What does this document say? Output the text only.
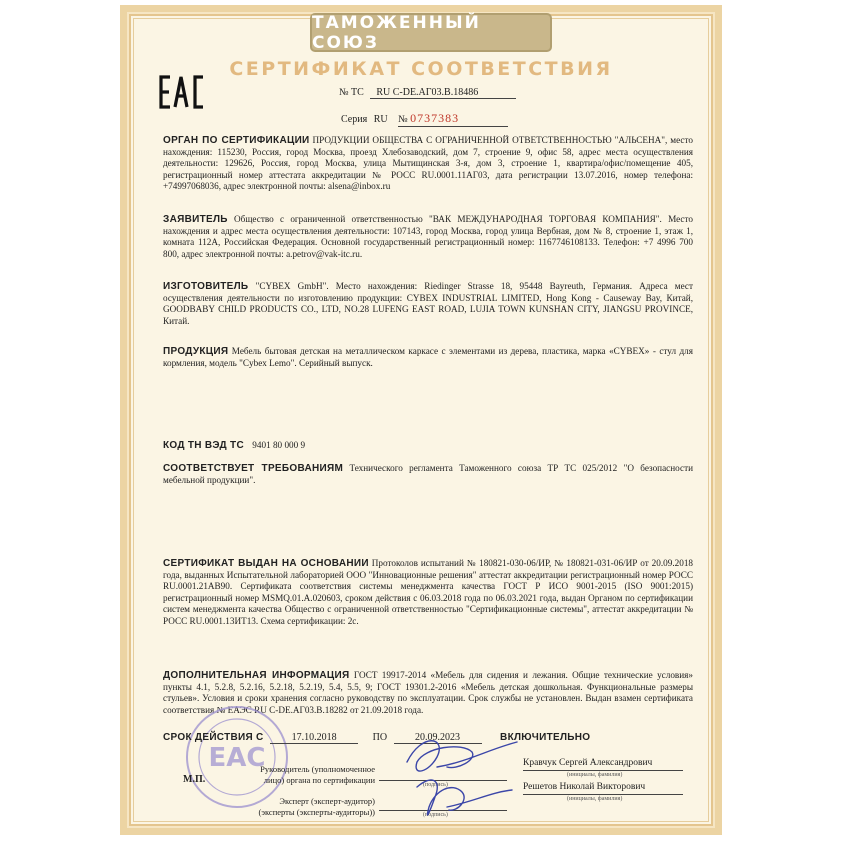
ТАМОЖЕННЫЙ СОЮЗ
СЕРТИФИКАТ СООТВЕТСТВИЯ
№ ТС RU C-DE.АГ03.В.18486
Серия RU № 0737383
ОРГАН ПО СЕРТИФИКАЦИИ ПРОДУКЦИИ ОБЩЕСТВА С ОГРАНИЧЕННОЙ ОТВЕТСТВЕННОСТЬЮ "АЛЬСЕНА", место нахождения: 115230, Россия, город Москва, проезд Хлебозаводский, дом 7, строение 9, офис 58, адрес места осуществления деятельности: 129626, Россия, город Москва, улица Мытищинская 3-я, дом 3, строение 1, квартира/офис/помещение 405, регистрационный номер аттестата аккредитации № РОСС RU.0001.11АГ03, дата регистрации 13.07.2016, номер телефона: +74997068036, адрес электронной почты: alsena@inbox.ru
ЗАЯВИТЕЛЬ Общество с ограниченной ответственностью "ВАК МЕЖДУНАРОДНАЯ ТОРГОВАЯ КОМПАНИЯ". Место нахождения и адрес места осуществления деятельности: 107143, город Москва, город улица Вербная, дом № 8, строение 1, этаж 1, комната 112А, Российская Федерация. Основной государственный регистрационный номер: 1167746108133. Телефон: +7 4996 700 800, адрес электронной почты: a.petrov@vak-itc.ru.
ИЗГОТОВИТЕЛЬ "CYBEX GmbH". Место нахождения: Riedinger Strasse 18, 95448 Bayreuth, Германия. Адреса мест осуществления деятельности по изготовлению продукции: CYBEX INDUSTRIAL LIMITED, Hong Kong - Causeway Bay, Китай, GOODBABY CHILD PRODUCTS CO., LTD, NO.28 LUFENG EAST ROAD, LUJIA TOWN KUNSHAN CITY, JIANGSU PROVINCE, Китай.
ПРОДУКЦИЯ Мебель бытовая детская на металлическом каркасе с элементами из дерева, пластика, марка «CYBEX» - стул для кормления, модель "Cybex Lemo". Серийный выпуск.
КОД ТН ВЭД ТС 9401 80 000 9
СООТВЕТСТВУЕТ ТРЕБОВАНИЯМ Технического регламента Таможенного союза ТР ТС 025/2012 "О безопасности мебельной продукции".
СЕРТИФИКАТ ВЫДАН НА ОСНОВАНИИ Протоколов испытаний № 180821-030-06/ИР, № 180821-031-06/ИР от 20.09.2018 года, выданных Испытательной лабораторией ООО "Инновационные решения" аттестат аккредитации регистрационный номер РОСС RU.0001.21АВ90. Сертификата соответствия системы менеджмента качества ГОСТ Р ИСО 9001-2015 (ISO 9001:2015) регистрационный номер MSMQ.01.A.020603, сроком действия с 06.03.2018 года по 06.03.2021 года, выдан Органом по сертификации систем менеджмента качества Общество с ограниченной ответственностью "Сертификационные системы", аттестат аккредитации № РОСС RU.0001.13ИТ13. Схема сертификации: 2с.
ДОПОЛНИТЕЛЬНАЯ ИНФОРМАЦИЯ ГОСТ 19917-2014 «Мебель для сидения и лежания. Общие технические условия» пункты 4.1, 5.2.8, 5.2.16, 5.2.18, 5.2.19, 5.4, 5.5, 9; ГОСТ 19301.2-2016 «Мебель детская дошкольная. Функциональные размеры стульев». Условия и сроки хранения согласно руководству по эксплуатации. Срок службы не установлен. Выдан взамен сертификата соответствия № ЕАЭС RU C-DE.АГ03.В.18282 от 21.09.2018 года.
EAC
СРОК ДЕЙСТВИЯ С	17.10.2018	ПО	20.09.2023	ВКЛЮЧИТЕЛЬНО
М.П.
Руководитель (уполномоченное
лицо) органа по сертификации
Эксперт (эксперт-аудитор)
(эксперты (эксперты-аудиторы))
(подпись)
(подпись)
Кравчук Сергей Александрович
(инициалы, фамилия)
Решетов Николай Викторович
(инициалы, фамилия)
